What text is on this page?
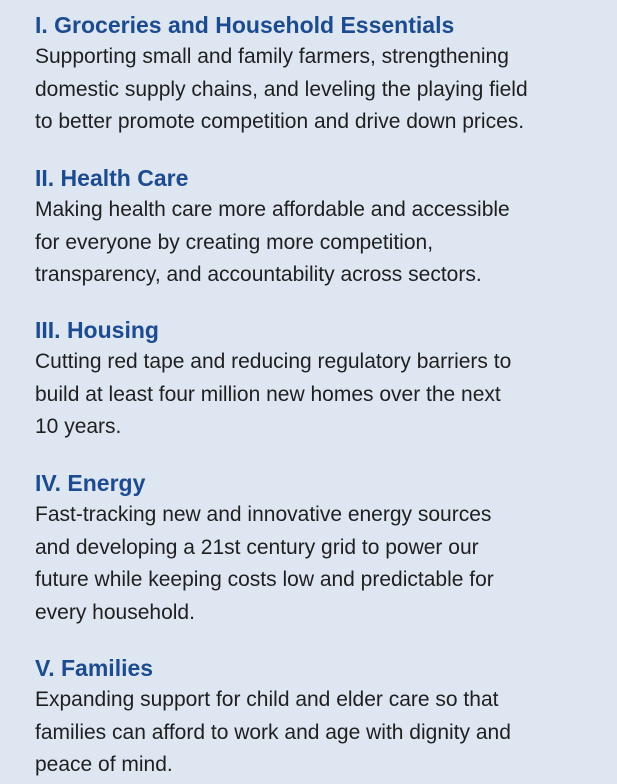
I. Groceries and Household Essentials

Supporting small and family farmers, strengthening
domestic supply chains, and leveling the playing field
to better promote competition and drive down prices.

II. Health Care

Making health care more affordable and accessible
for everyone by creating more competition,
transparency, and accountability across sectors.

III. Housing

Cutting red tape and reducing regulatory barriers to
build at least four million new homes over the next
10 years.

IV. Energy

Fast-tracking new and innovative energy sources
and developing a 21st century grid to power our
future while keeping costs low and predictable for
every household.

V. Families

Expanding support for child and elder care so that
families can afford to work and age with dignity and
peace of mind.
